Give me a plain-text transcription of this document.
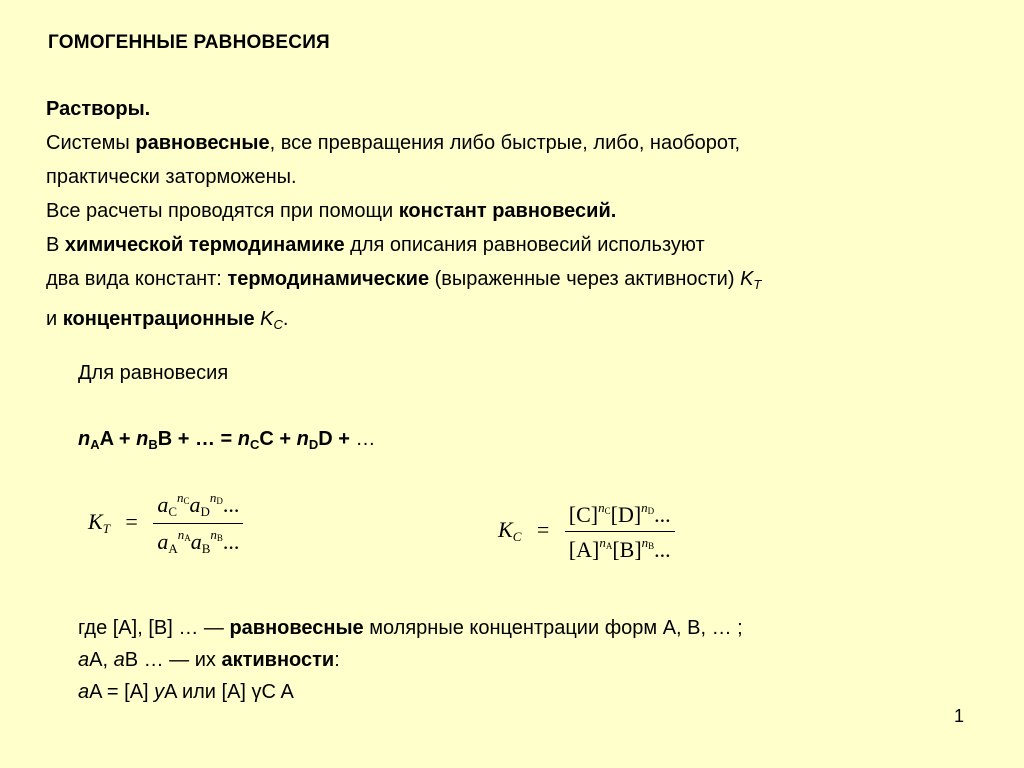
ГОМОГЕННЫЕ РАВНОВЕСИЯ
Растворы.
Системы равновесные, все превращения либо быстрые, либо, наоборот,
практически заторможены.
Все расчеты проводятся при помощи констант равновесий.
В химической термодинамике для описания равновесий используют
два вида констант: термодинамические (выраженные через активности) $K_T$
и концентрационные $K_C$.
Для равновесия
$n_AA + n_BB$ + … = $n_CC + n_DD$ + …
$K_T = \frac{a_C^{n_C}a_D^{n_D}...}{a_A^{n_A}a_B^{n_B}...}$	$K_C = \frac{[C]^{n_C}[D]^{n_D}...}{[A]^{n_A}[B]^{n_B}...}$
где [A], [B] … — равновесные молярные концентрации форм A, B, … ;
aA, aB … — их активности:
aA = [A] yA или [A] γC A
1
